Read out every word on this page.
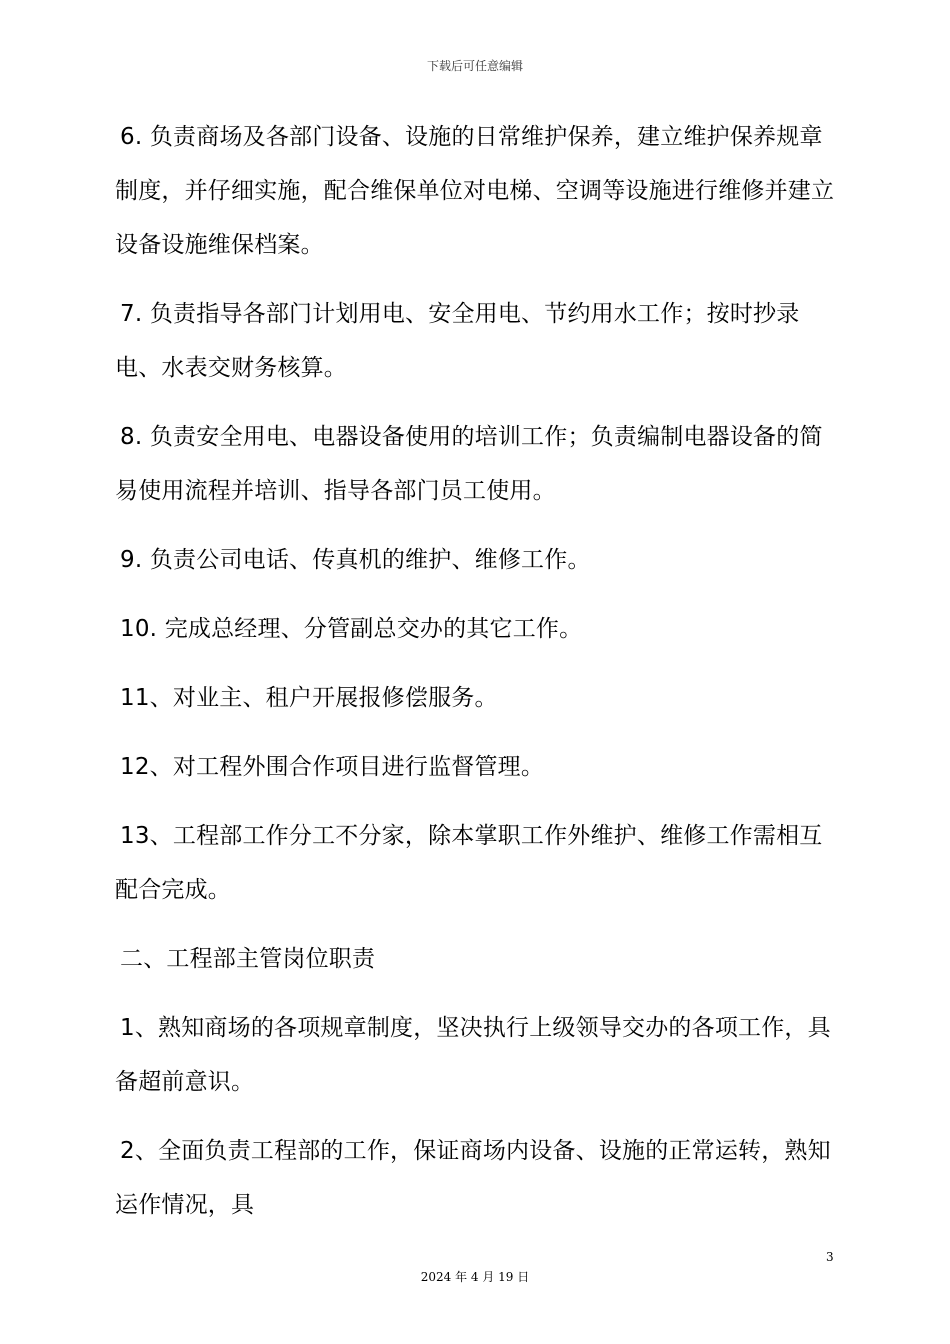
下载后可任意编辑

6. 负责商场及各部门设备、设施的日常维护保养，建立维护保养规章制度，并仔细实施，配合维保单位对电梯、空调等设施进行维修并建立设备设施维保档案。

7. 负责指导各部门计划用电、安全用电、节约用水工作；按时抄录电、水表交财务核算。

8. 负责安全用电、电器设备使用的培训工作；负责编制电器设备的简易使用流程并培训、指导各部门员工使用。

9. 负责公司电话、传真机的维护、维修工作。

10. 完成总经理、分管副总交办的其它工作。

11、对业主、租户开展报修偿服务。

12、对工程外围合作项目进行监督管理。

13、工程部工作分工不分家，除本掌职工作外维护、维修工作需相互配合完成。

二、工程部主管岗位职责

1、熟知商场的各项规章制度，坚决执行上级领导交办的各项工作，具备超前意识。

2、全面负责工程部的工作，保证商场内设备、设施的正常运转，熟知运作情况，具

3
2024 年 4 月 19 日
